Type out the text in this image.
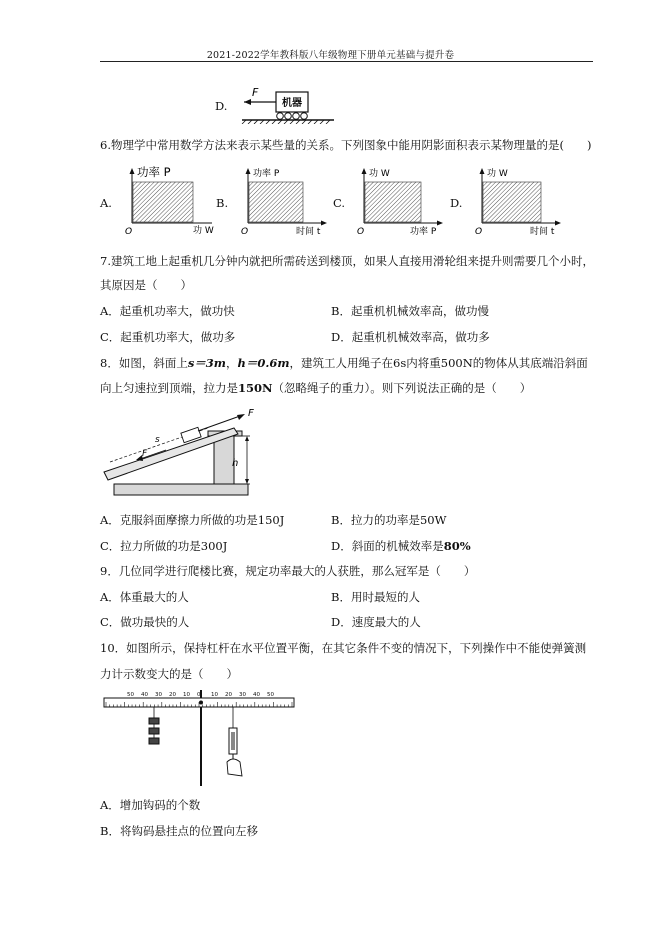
2021-2022学年教科版八年级物理下册单元基础与提升卷
D.	机器
F
6.物理学中常用数学方法来表示某些量的关系。下列图象中能用阴影面积表示某物理量的是(　　)
A.
功率 P
O	功 W
B.
功率 P
O	时间 t
C.
功 W
O	功率 P
D.
功 W
O	时间 t
7.建筑工地上起重机几分钟内就把所需砖送到楼顶，如果人直接用滑轮组来提升则需要几个小时，
其原因是（　　）
A．起重机功率大，做功快	B．起重机机械效率高，做功慢
C．起重机功率大，做功多	D．起重机机械效率高，做功多
8．如图，斜面上s＝3m，h＝0.6m，建筑工人用绳子在6s内将重500N的物体从其底端沿斜面
向上匀速拉到顶端，拉力是150N（忽略绳子的重力）。则下列说法正确的是（　　）
h
s
F
F
A．克服斜面摩擦力所做的功是150J	B．拉力的功率是50W
C．拉力所做的功是300J	D．斜面的机械效率是80%
9．几位同学进行爬楼比赛，规定功率最大的人获胜，那么冠军是（　　）
A．体重最大的人	B．用时最短的人
C．做功最快的人	D．速度最大的人
10．如图所示，保持杠杆在水平位置平衡，在其它条件不变的情况下，下列操作中不能使弹簧测
力计示数变大的是（　　）
50 40 30 20 10 0 10 20 30 40 50
A．增加钩码的个数
B．将钩码悬挂点的位置向左移
